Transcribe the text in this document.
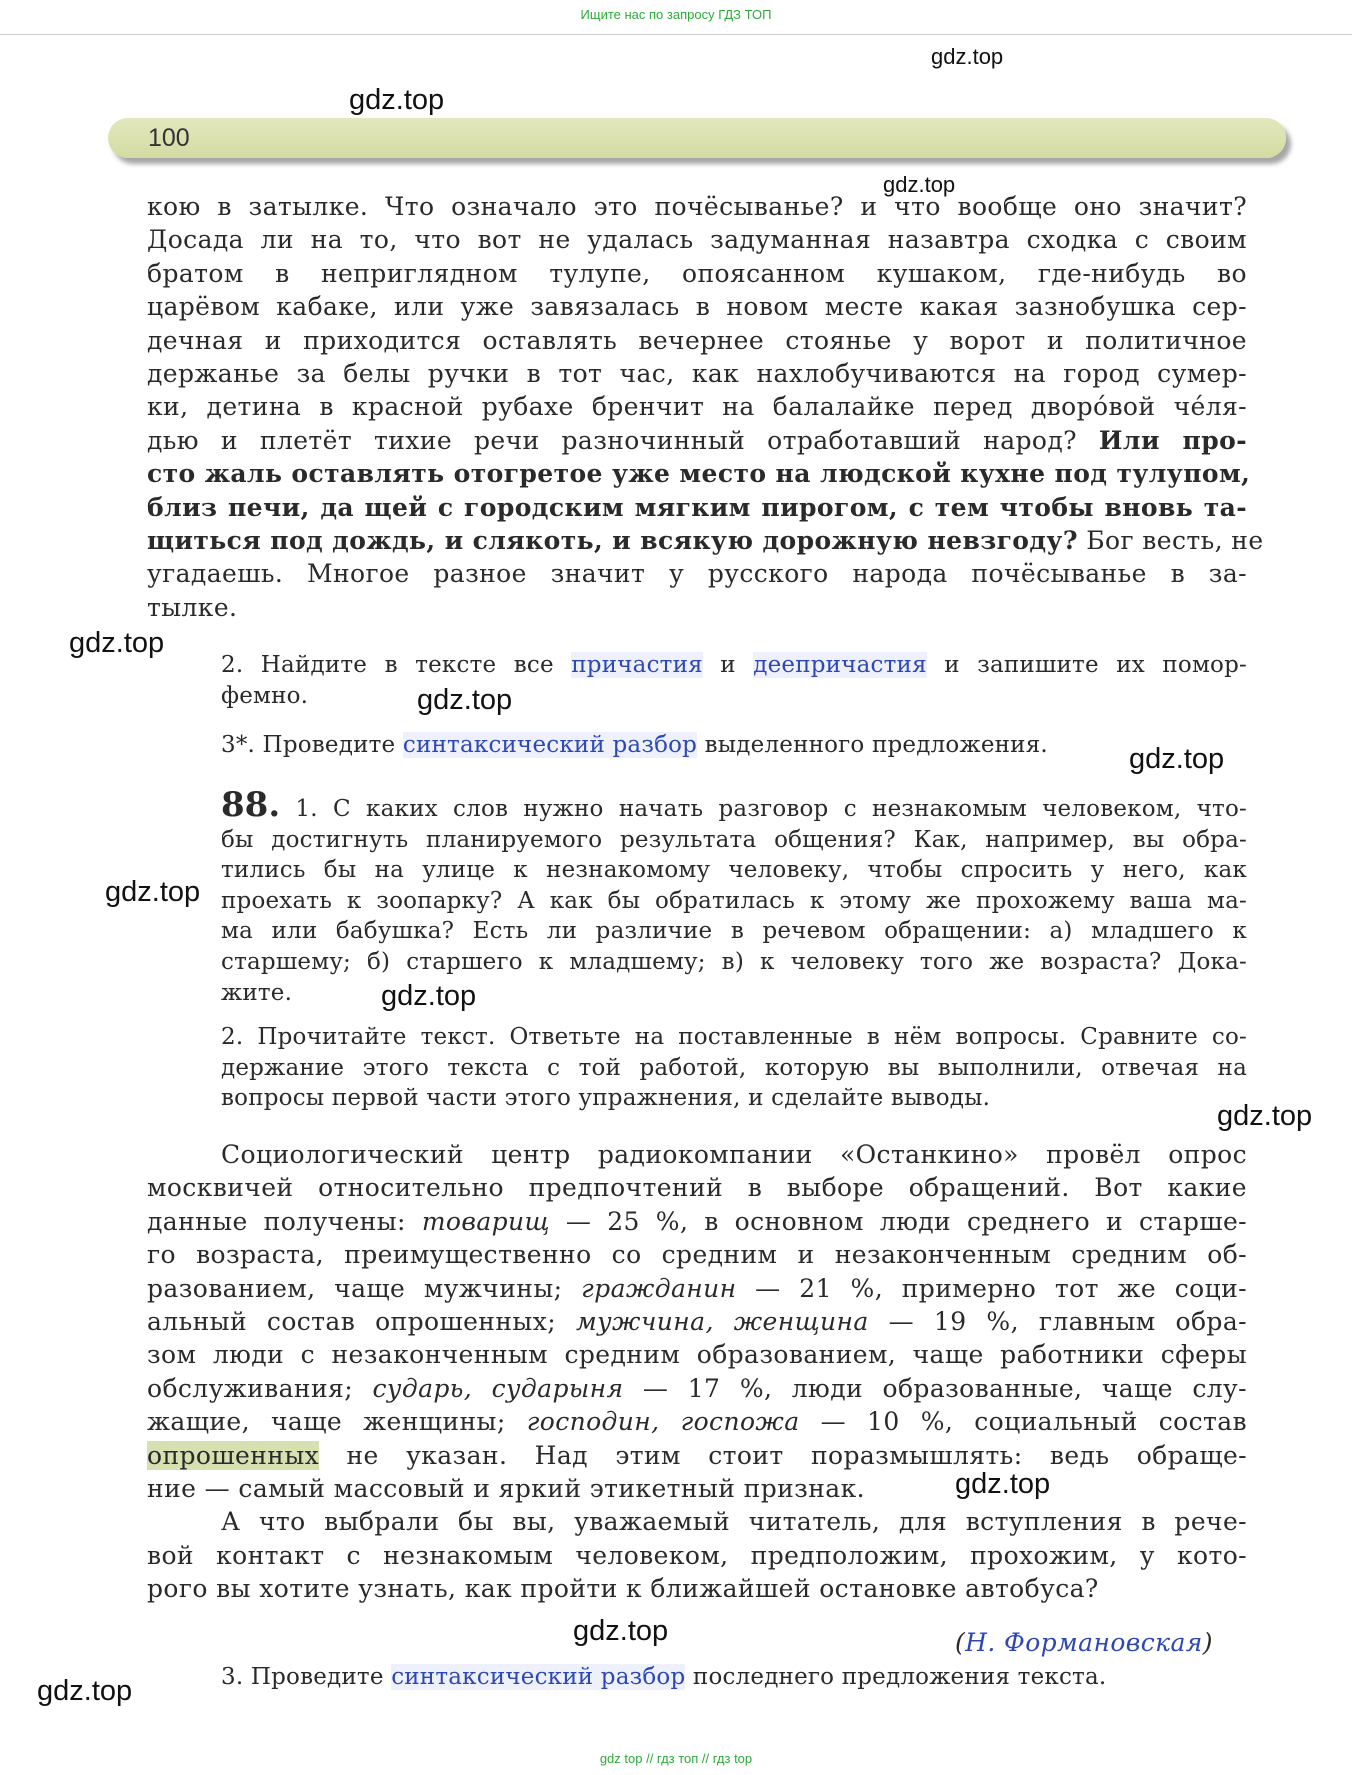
Ищите нас по запросу ГДЗ ТОП
100
кою в затылке. Что означало это почёсыванье? и что вообще оно значит?
Досада ли на то, что вот не удалась задуманная назавтра сходка с своим
братом в неприглядном тулупе, опоясанном кушаком, где-нибудь во
царёвом кабаке, или уже завязалась в новом месте какая зазнобушка сер-
дечная и приходится оставлять вечернее стоянье у ворот и политичное
держанье за белы ручки в тот час, как нахлобучиваются на город сумер-
ки, детина в красной рубахе бренчит на балалайке перед дворо́вой че́ля-
дью и плетёт тихие речи разночинный отработавший народ? Или про-
сто жаль оставлять отогретое уже место на людской кухне под тулупом,
близ печи, да щей с городским мягким пирогом, с тем чтобы вновь та-
щиться под дождь, и слякоть, и всякую дорожную невзгоду? Бог весть, не
угадаешь. Многое разное значит у русского народа почёсыванье в за-
тылке.
2. Найдите в тексте все причастия и деепричастия и запишите их помор-
фемно.
3*. Проведите синтаксический разбор выделенного предложения.
88. 1. С каких слов нужно начать разговор с незнакомым человеком, что-
бы достигнуть планируемого результата общения? Как, например, вы обра-
тились бы на улице к незнакомому человеку, чтобы спросить у него, как
проехать к зоопарку? А как бы обратилась к этому же прохожему ваша ма-
ма или бабушка? Есть ли различие в речевом обращении: а) младшего к
старшему; б) старшего к младшему; в) к человеку того же возраста? Дока-
жите.
2. Прочитайте текст. Ответьте на поставленные в нём вопросы. Сравните со-
держание этого текста с той работой, которую вы выполнили, отвечая на
вопросы первой части этого упражнения, и сделайте выводы.
Социологический центр радиокомпании «Останкино» провёл опрос
москвичей относительно предпочтений в выборе обращений. Вот какие
данные получены: товарищ — 25 %, в основном люди среднего и старше-
го возраста, преимущественно со средним и незаконченным средним об-
разованием, чаще мужчины; гражданин — 21 %, примерно тот же соци-
альный состав опрошенных; мужчина, женщина — 19 %, главным обра-
зом люди с незаконченным средним образованием, чаще работники сферы
обслуживания; сударь, сударыня — 17 %, люди образованные, чаще слу-
жащие, чаще женщины; господин, госпожа — 10 %, социальный состав
опрошенных не указан. Над этим стоит поразмышлять: ведь обраще-
ние — самый массовый и яркий этикетный признак.
А что выбрали бы вы, уважаемый читатель, для вступления в рече-
вой контакт с незнакомым человеком, предположим, прохожим, у кото-
рого вы хотите узнать, как пройти к ближайшей остановке автобуса?
(Н. Формановская)
3. Проведите синтаксический разбор последнего предложения текста.
gdz.top
gdz.top
gdz.top
gdz.top
gdz.top
gdz.top
gdz.top
gdz.top
gdz.top
gdz.top
gdz.top
gdz.top
gdz top // гдз топ // гдз top
